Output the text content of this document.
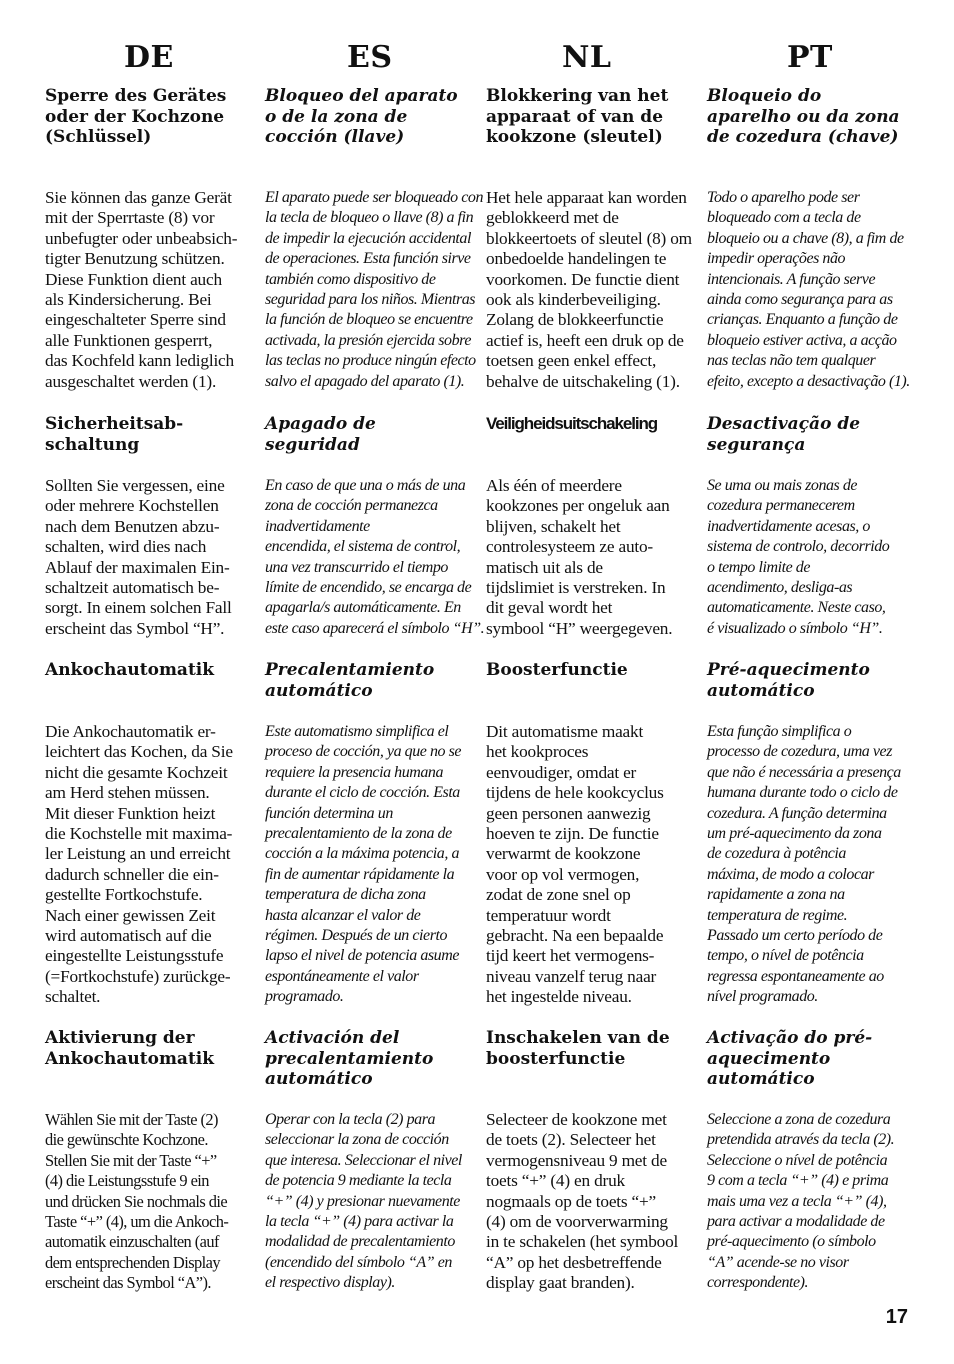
DE	ES	NL	PT
Sperre des Gerätes
oder der Kochzone
(Schlüssel)
Sie können das ganze Gerät
mit der Sperrtaste (8) vor
unbefugter oder unbeabsich-
tigter Benutzung schützen.
Diese Funktion dient auch
als Kindersicherung. Bei
eingeschalteter Sperre sind
alle Funktionen gesperrt,
das Kochfeld kann lediglich
ausgeschaltet werden (1).
Sicherheitsab-
schaltung
Sollten Sie vergessen, eine
oder mehrere Kochstellen
nach dem Benutzen abzu-
schalten, wird dies nach
Ablauf der maximalen Ein-
schaltzeit automatisch be-
sorgt. In einem solchen Fall
erscheint das Symbol “H”.
Ankochautomatik
Die Ankochautomatik er-
leichtert das Kochen, da Sie
nicht die gesamte Kochzeit
am Herd stehen müssen.
Mit dieser Funktion heizt
die Kochstelle mit maxima-
ler Leistung an und erreicht
dadurch schneller die ein-
gestellte Fortkochstufe.
Nach einer gewissen Zeit
wird automatisch auf die
eingestellte Leistungsstufe
(=Fortkochstufe) zurückge-
schaltet.
Aktivierung der
Ankochautomatik
Wählen Sie mit der Taste (2)
die gewünschte Kochzone.
Stellen Sie mit der Taste “+”
(4) die Leistungsstufe 9 ein
und drücken Sie nochmals die
Taste “+” (4), um die Ankoch-
automatik einzuschalten (auf
dem entsprechenden Display
erscheint das Symbol “A”).
Bloqueo del aparato
o de la zona de
cocción (llave)
El aparato puede ser bloqueado con
la tecla de bloqueo o llave (8) a fin
de impedir la ejecución accidental
de operaciones. Esta función sirve
también como dispositivo de
seguridad para los niños. Mientras
la función de bloqueo se encuentre
activada, la presión ejercida sobre
las teclas no produce ningún efecto
salvo el apagado del aparato (1).
Apagado de
seguridad
En caso de que una o más de una
zona de cocción permanezca
inadvertidamente
encendida, el sistema de control,
una vez transcurrido el tiempo
límite de encendido, se encarga de
apagarla/s automáticamente. En
este caso aparecerá el símbolo “H”.
Precalentamiento
automático
Este automatismo simplifica el
proceso de cocción, ya que no se
requiere la presencia humana
durante el ciclo de cocción. Esta
función determina un
precalentamiento de la zona de
cocción a la máxima potencia, a
fin de aumentar rápidamente la
temperatura de dicha zona
hasta alcanzar el valor de
régimen. Después de un cierto
lapso el nivel de potencia asume
espontáneamente el valor
programado.
Activación del
precalentamiento
automático
Operar con la tecla (2) para
seleccionar la zona de cocción
que interesa. Seleccionar el nivel
de potencia 9 mediante la tecla
“+” (4) y presionar nuevamente
la tecla “+” (4) para activar la
modalidad de precalentamiento
(encendido del símbolo “A” en
el respectivo display).
Blokkering van het
apparaat of van de
kookzone (sleutel)
Het hele apparaat kan worden
geblokkeerd met de
blokkeertoets of sleutel (8) om
onbedoelde handelingen te
voorkomen. De functie dient
ook als kinderbeveiliging.
Zolang de blokkeerfunctie
actief is, heeft een druk op de
toetsen geen enkel effect,
behalve de uitschakeling (1).
Veiligheidsuitschakeling
Als één of meerdere
kookzones per ongeluk aan
blijven, schakelt het
controlesysteem ze auto-
matisch uit als de
tijdslimiet is verstreken. In
dit geval wordt het
symbool “H” weergegeven.
Boosterfunctie
Dit automatisme maakt
het kookproces
eenvoudiger, omdat er
tijdens de hele kookcyclus
geen personen aanwezig
hoeven te zijn. De functie
verwarmt de kookzone
voor op vol vermogen,
zodat de zone snel op
temperatuur wordt
gebracht. Na een bepaalde
tijd keert het vermogens-
niveau vanzelf terug naar
het ingestelde niveau.
Inschakelen van de
boosterfunctie
Selecteer de kookzone met
de toets (2). Selecteer het
vermogensniveau 9 met de
toets “+” (4) en druk
nogmaals op de toets “+”
(4) om de voorverwarming
in te schakelen (het symbool
“A” op het desbetreffende
display gaat branden).
Bloqueio do
aparelho ou da zona
de cozedura (chave)
Todo o aparelho pode ser
bloqueado com a tecla de
bloqueio ou a chave (8), a fim de
impedir operações não
intencionais. A função serve
ainda como segurança para as
crianças. Enquanto a função de
bloqueio estiver activa, a acção
nas teclas não tem qualquer
efeito, excepto a desactivação (1).
Desactivação de
segurança
Se uma ou mais zonas de
cozedura permanecerem
inadvertidamente acesas, o
sistema de controlo, decorrido
o tempo limite de
acendimento, desliga-as
automaticamente. Neste caso,
é visualizado o símbolo “H”.
Pré-aquecimento
automático
Esta função simplifica o
processo de cozedura, uma vez
que não é necessária a presença
humana durante todo o ciclo de
cozedura. A função determina
um pré-aquecimento da zona
de cozedura à potência
máxima, de modo a colocar
rapidamente a zona na
temperatura de regime.
Passado um certo período de
tempo, o nível de potência
regressa espontaneamente ao
nível programado.
Activação do pré-
aquecimento
automático
Seleccione a zona de cozedura
pretendida através da tecla (2).
Seleccione o nível de potência
9 com a tecla “+” (4) e prima
mais uma vez a tecla “+” (4),
para activar a modalidade de
pré-aquecimento (o símbolo
“A” acende-se no visor
correspondente).
17
